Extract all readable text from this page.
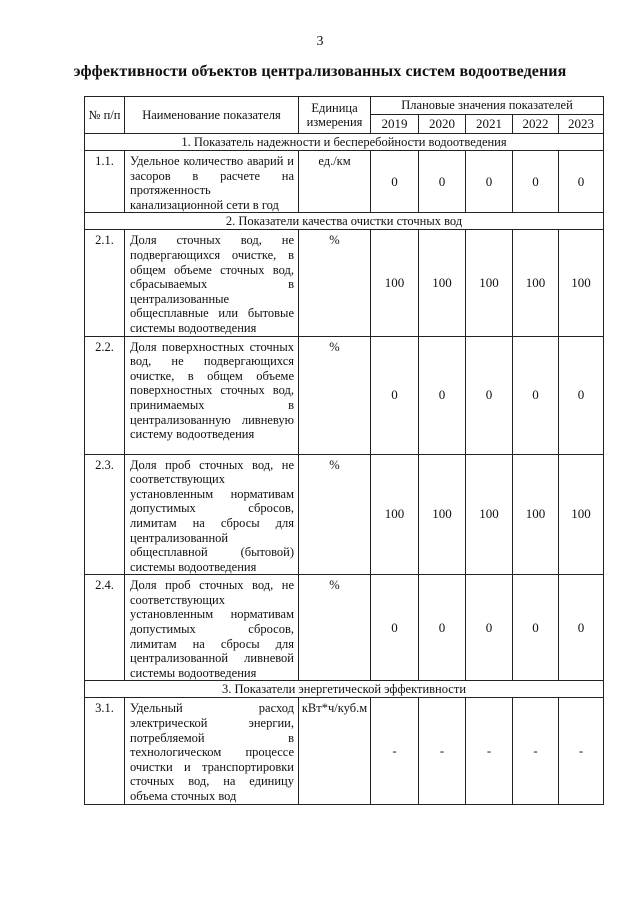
3
эффективности объектов централизованных систем водоотведения
№ п/п	Наименование показателя	Единица измерения	Плановые значения показателей				
			2019	2020	2021	2022	2023
1. Показатель надежности и бесперебойности водоотведения							
1.1.	Удельное количество аварий и засоров в расчете на протяженность канализационной сети в год	ед./км	0	0	0	0	0
2. Показатели качества очистки сточных вод							
2.1.	Доля сточных вод, не подвергающихся очистке, в общем объеме сточных вод, сбрасываемых в централизованные общесплавные или бытовые системы водоотведения	%	100	100	100	100	100
2.2.	Доля поверхностных сточных вод, не подвергающихся очистке, в общем объеме поверхностных сточных вод, принимаемых в централизованную ливневую систему водоотведения	%	0	0	0	0	0
2.3.	Доля проб сточных вод, не соответствующих установленным нормативам допустимых сбросов, лимитам на сбросы для централизованной общесплавной (бытовой) системы водоотведения	%	100	100	100	100	100
2.4.	Доля проб сточных вод, не соответствующих установленным нормативам допустимых сбросов, лимитам на сбросы для централизованной ливневой системы водоотведения	%	0	0	0	0	0
3. Показатели энергетической эффективности							
3.1.	Удельный расход электрической энергии, потребляемой в технологическом процессе очистки и транспортировки сточных вод, на единицу объема сточных вод	кВт*ч/куб.м	-	-	-	-	-
